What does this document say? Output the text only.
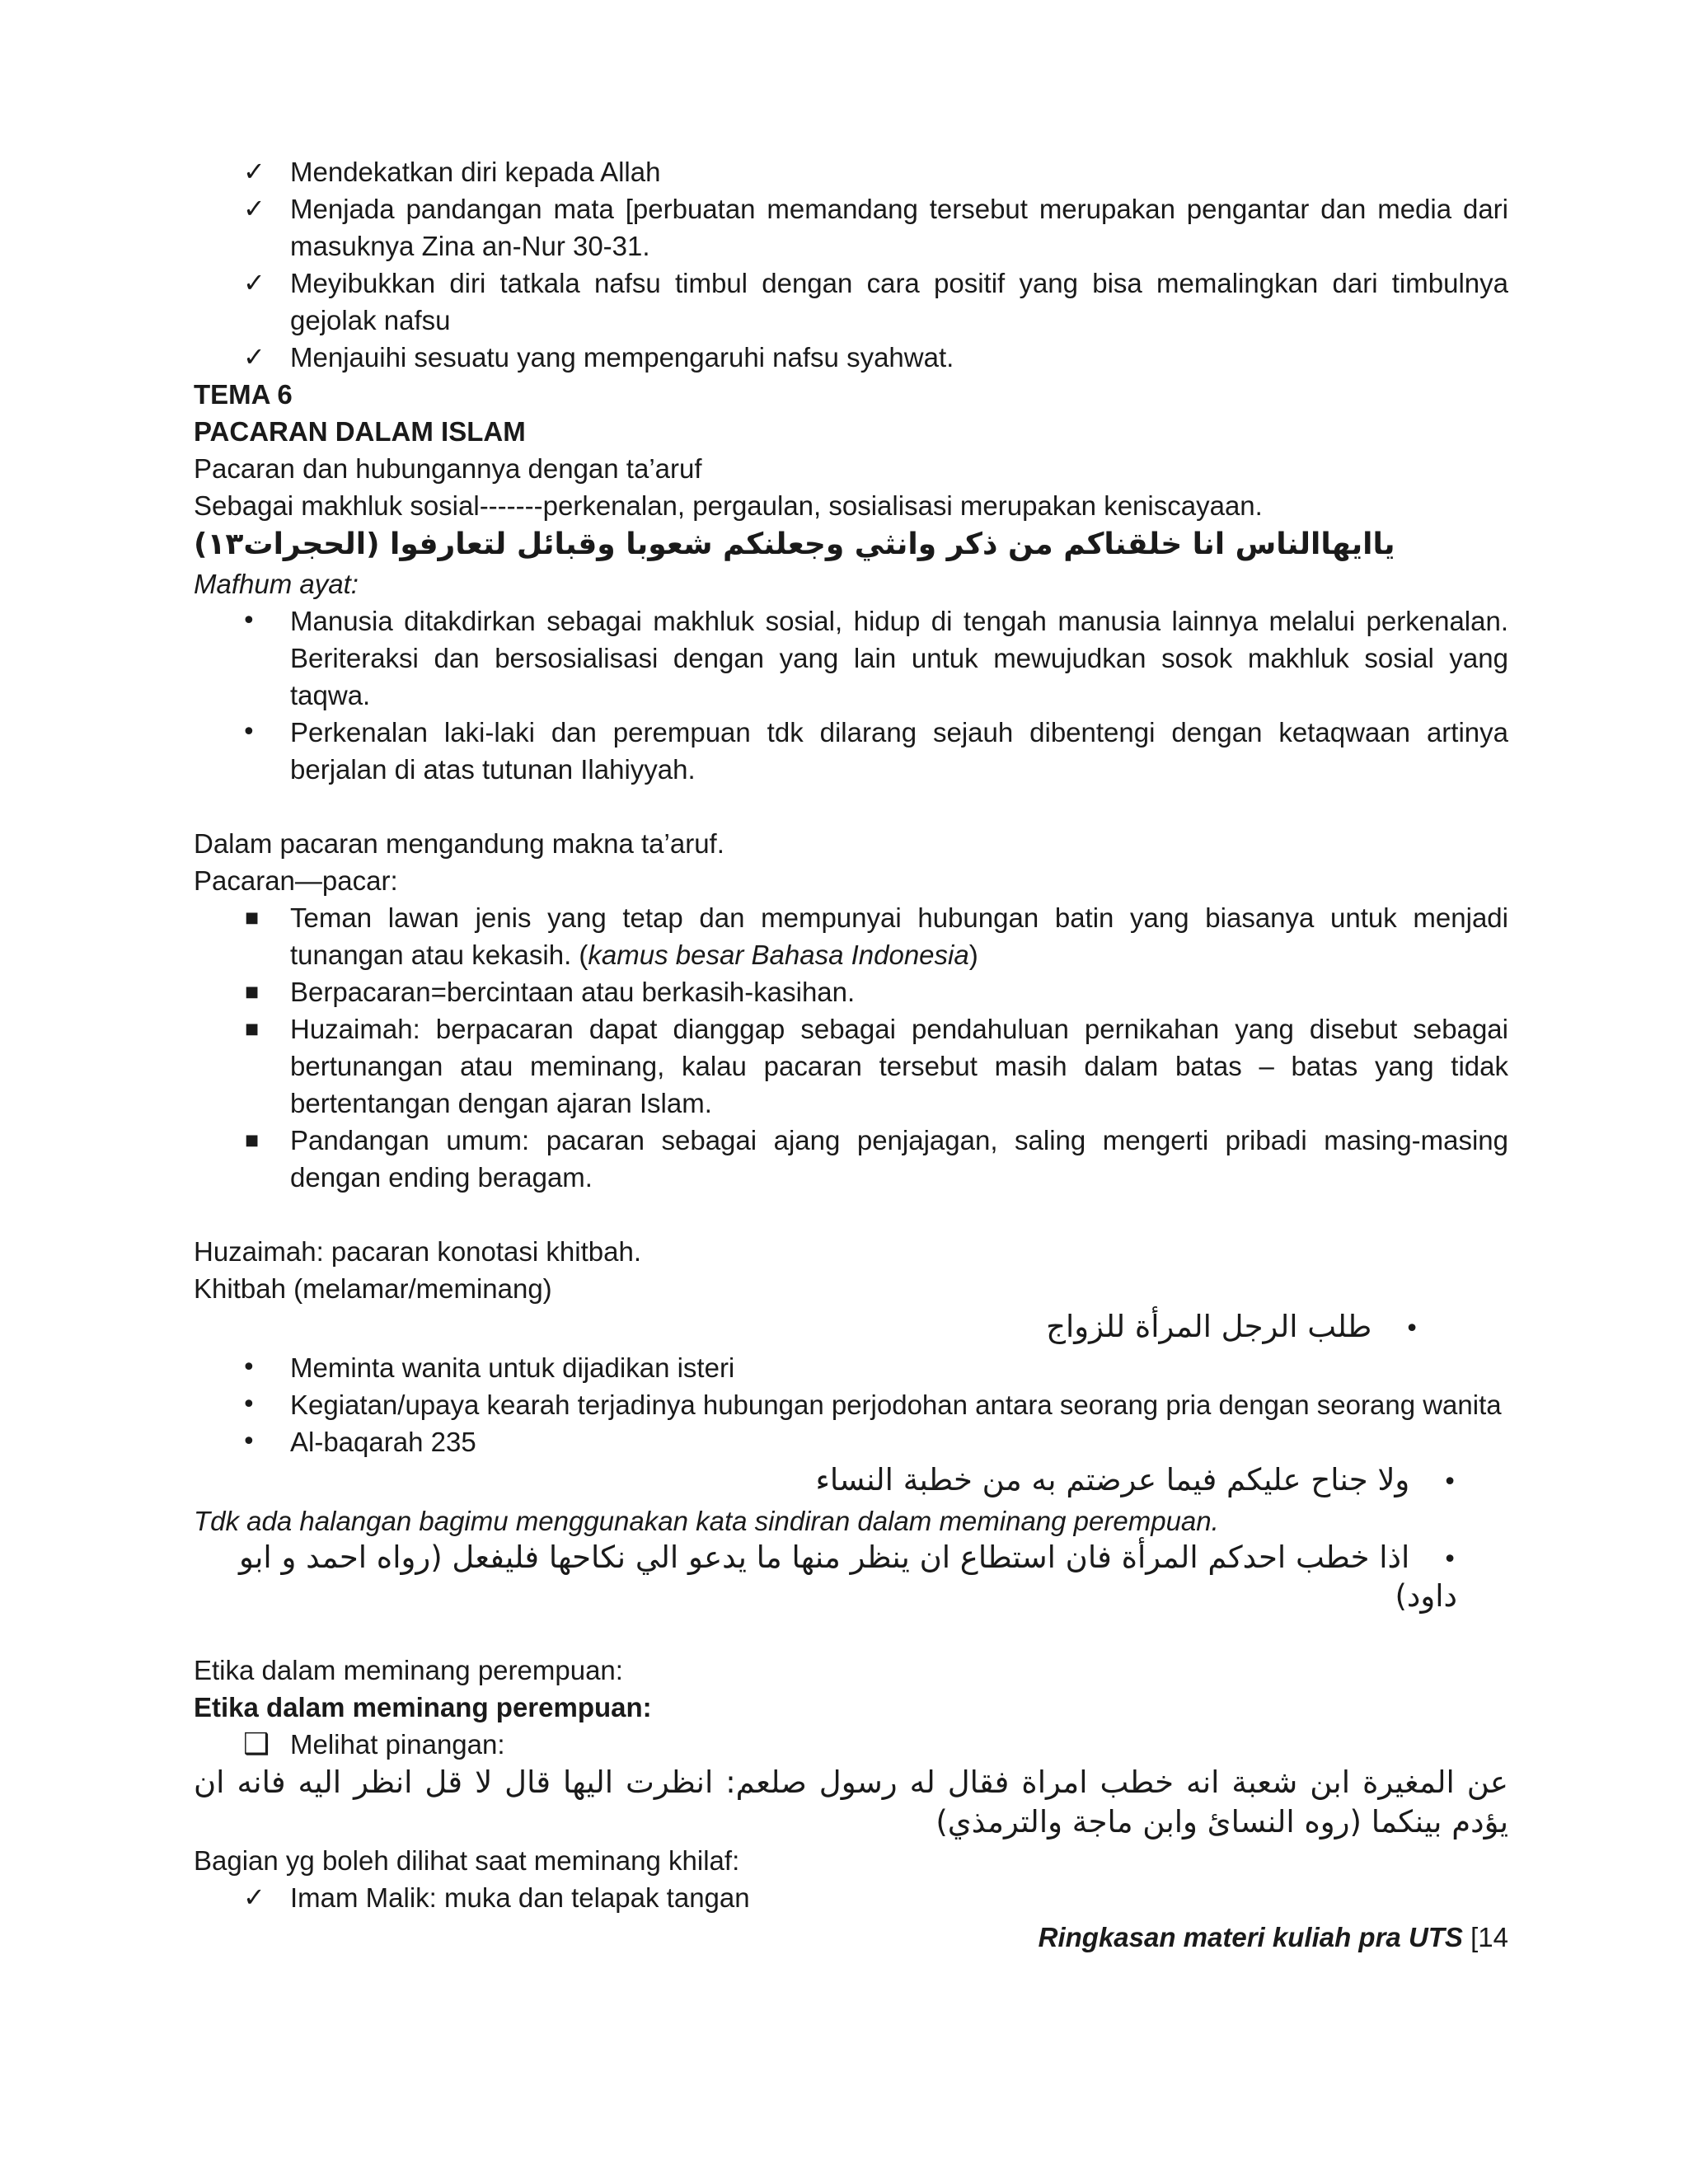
✓ Mendekatkan diri kepada Allah
✓ Menjada pandangan mata [perbuatan memandang tersebut merupakan pengantar dan media dari masuknya Zina an-Nur 30-31.
✓ Meyibukkan diri tatkala nafsu timbul dengan cara positif yang bisa memalingkan dari timbulnya gejolak nafsu
✓ Menjauihi sesuatu yang mempengaruhi nafsu syahwat.
TEMA 6
PACARAN DALAM ISLAM
Pacaran dan hubungannya dengan ta’aruf
Sebagai makhluk sosial-------perkenalan, pergaulan, sosialisasi merupakan keniscayaan.
ياايهاالناس انا خلقناكم من ذكر وانثي وجعلنكم شعوبا وقبائل لتعارفوا (الحجرات١٣)
Mafhum ayat:
•	Manusia ditakdirkan sebagai makhluk sosial, hidup di tengah manusia lainnya melalui perkenalan. Beriteraksi dan bersosialisasi dengan yang lain untuk mewujudkan sosok makhluk sosial yang taqwa.
•	Perkenalan laki-laki dan perempuan tdk dilarang sejauh dibentengi dengan ketaqwaan artinya berjalan di atas tutunan Ilahiyyah.
Dalam pacaran mengandung makna ta’aruf.
Pacaran—pacar:
■	Teman lawan jenis yang tetap dan mempunyai hubungan batin yang biasanya untuk menjadi tunangan atau kekasih. (kamus besar Bahasa Indonesia)
■	Berpacaran=bercintaan atau berkasih-kasihan.
■	Huzaimah: berpacaran dapat dianggap sebagai pendahuluan pernikahan yang disebut sebagai bertunangan atau meminang, kalau pacaran tersebut masih dalam batas – batas yang tidak bertentangan dengan ajaran Islam.
■	Pandangan umum: pacaran sebagai ajang penjajagan, saling mengerti pribadi masing-masing dengan ending beragam.
Huzaimah: pacaran konotasi khitbah.
Khitbah (melamar/meminang)
•طلب الرجل المرأة للزواج
•	Meminta wanita untuk dijadikan isteri
•	Kegiatan/upaya kearah terjadinya hubungan perjodohan antara seorang pria dengan seorang wanita
•	Al-baqarah 235
•ولا جناح عليكم فيما عرضتم به من خطبة النساء
Tdk ada halangan bagimu menggunakan kata sindiran dalam meminang perempuan.
•اذا خطب احدكم المرأة فان استطاع ان ينظر منها ما يدعو الي نكاحها فليفعل (رواه احمد و ابو داود)
Etika dalam meminang perempuan:
Etika dalam meminang perempuan:
❑ Melihat pinangan:
عن المغيرة ابن شعبة انه خطب امراة فقال له رسول صلعم: انظرت اليها قال لا قل انظر اليه فانه ان يؤدم بينكما (روه النسائ وابن ماجة والترمذي)
Bagian yg boleh dilihat saat meminang khilaf:
✓ Imam Malik: muka dan telapak tangan
Ringkasan materi kuliah pra UTS [14
